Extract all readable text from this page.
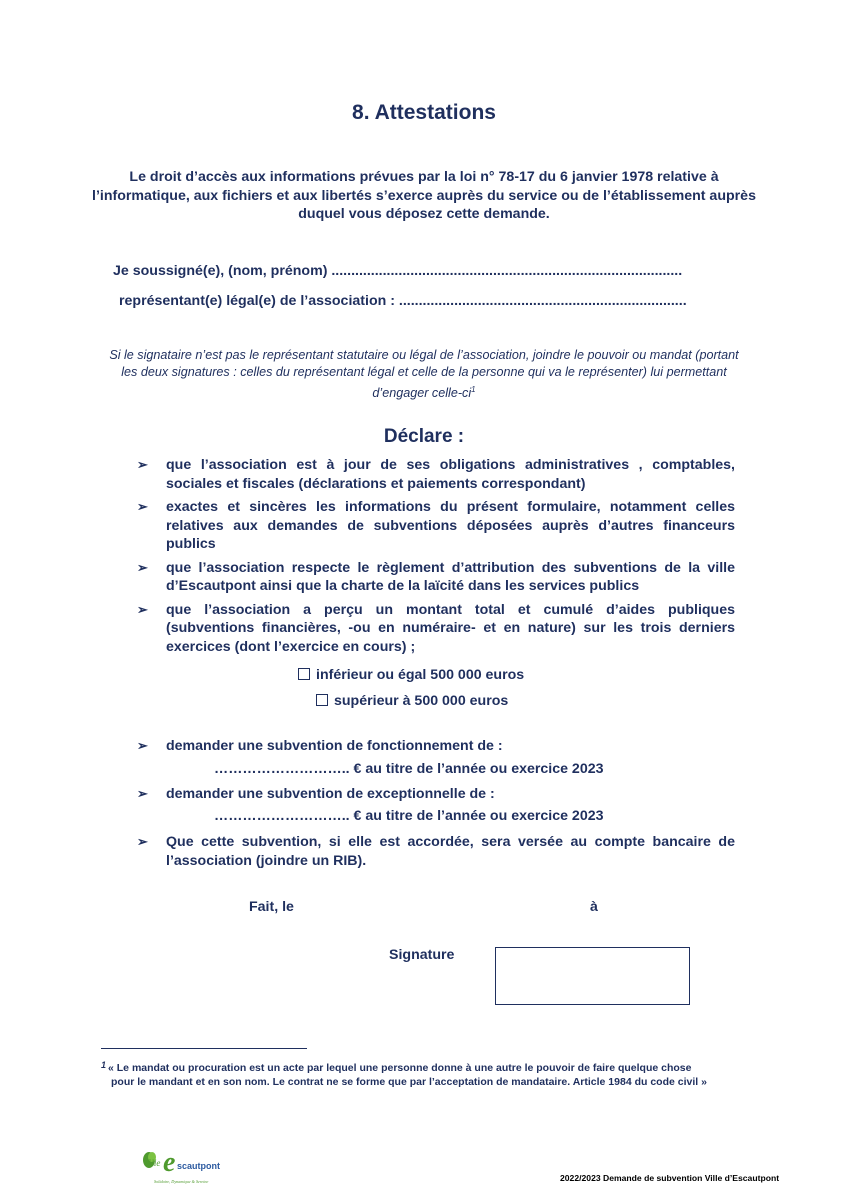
8. Attestations
Le droit d’accès aux informations prévues par la loi n° 78-17 du 6 janvier 1978 relative à l’informatique, aux fichiers et aux libertés s’exerce auprès du service ou de l’établissement auprès duquel vous déposez cette demande.
Je soussigné(e), (nom, prénom) .........................................................................................
représentant(e) légal(e) de l’association : .........................................................................
Si le signataire n’est pas le représentant statutaire ou légal de l’association, joindre le pouvoir ou mandat (portant les deux signatures : celles du représentant légal et celle de la personne qui va le représenter) lui permettant d’engager celle-$ci^1$
Déclare :
➢ que l’association est à jour de ses obligations administratives , comptables, sociales et fiscales (déclarations et paiements correspondant)
➢ exactes et sincères les informations du présent formulaire, notamment celles relatives aux demandes de subventions déposées auprès d’autres financeurs publics
➢ que l’association respecte le règlement d’attribution des subventions de la ville d’Escautpont ainsi que la charte de la laïcité dans les services publics
➢ que l’association a perçu un montant total et cumulé d’aides publiques (subventions financières, -ou en numéraire- et en nature) sur les trois derniers exercices (dont l’exercice en cours) ;
inférieur ou égal 500 000 euros
supérieur à 500 000 euros
➢ demander une subvention de fonctionnement de :
……………………….. € au titre de l’année ou exercice 2023
➢ demander une subvention de exceptionnelle de :
……………………….. € au titre de l’année ou exercice 2023
➢ Que cette subvention, si elle est accordée, sera versée au compte bancaire de l’association (joindre un RIB).
Fait, le	à
Signature
1 « Le mandat ou procuration est un acte par lequel une personne donne à une autre le pouvoir de faire quelque chose
pour le mandant et en son nom. Le contrat ne se forme que par l’acceptation de mandataire. Article 1984 du code civil »
Ville e scautpont
Solidaire, Dynamique & Sereine	2022/2023 Demande de subvention Ville d’Escautpont
